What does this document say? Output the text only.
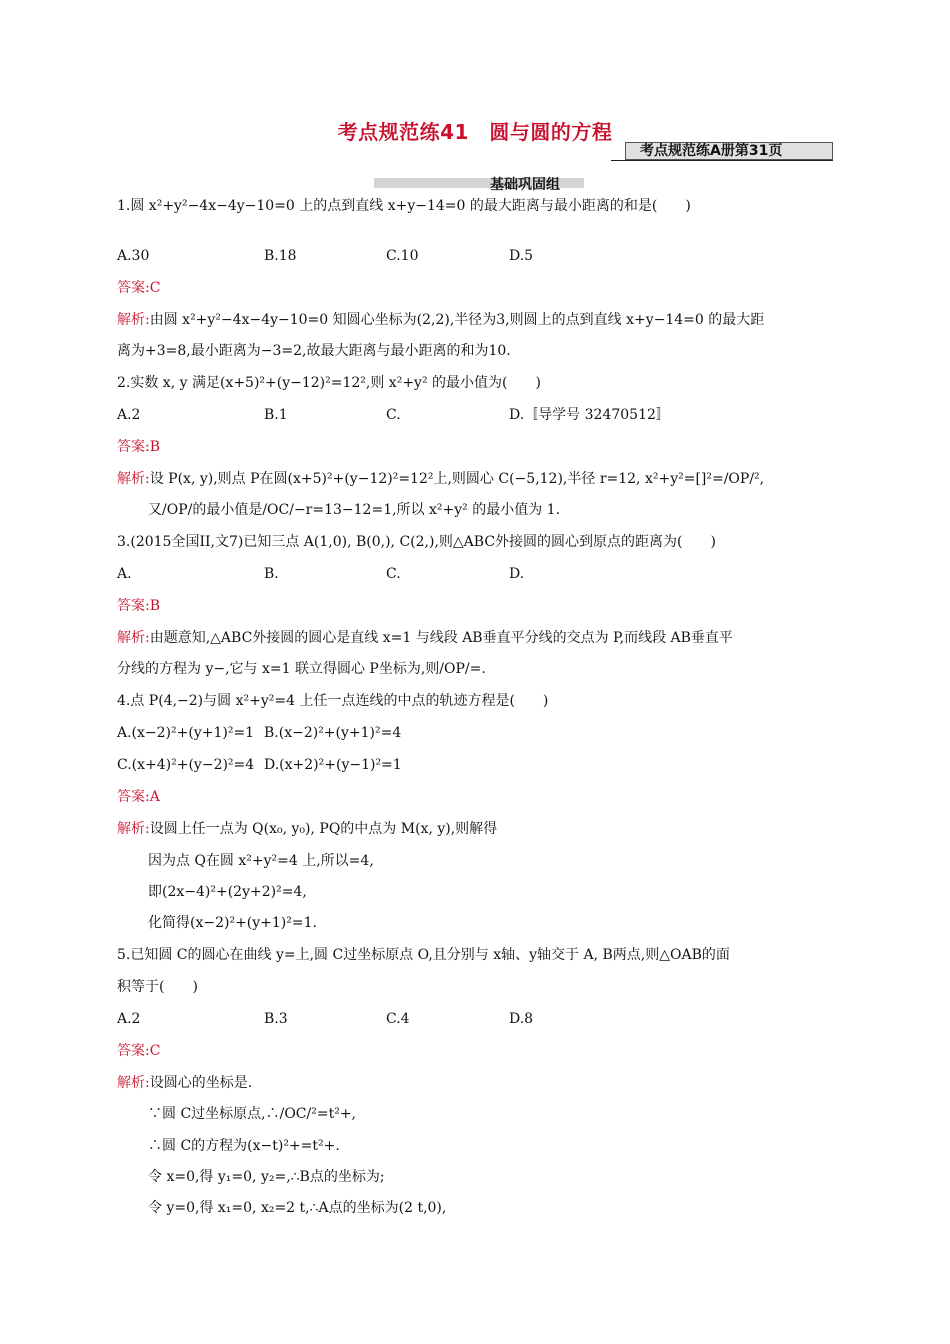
考点规范练41　圆与圆的方程
考点规范练A册第31页
基础巩固组
1.圆 x²+y²−4x−4y−10=0 上的点到直线 x+y−14=0 的最大距离与最小距离的和是(　　)
A.30	B.18	C.10	D.5
答案:C
解析:由圆 x²+y²−4x−4y−10=0 知圆心坐标为(2,2),半径为3,则圆上的点到直线 x+y−14=0 的最大距
离为+3=8,最小距离为−3=2,故最大距离与最小距离的和为10.
2.实数 x, y 满足(x+5)²+(y−12)²=12²,则 x²+y² 的最小值为(　　)
A.2	B.1	C.	D.〚导学号 32470512〛
答案:B
解析:设 P(x, y),则点 P在圆(x+5)²+(y−12)²=12²上,则圆心 C(−5,12),半径 r=12, x²+y²=[]²=/OP/²,
又/OP/的最小值是/OC/−r=13−12=1,所以 x²+y² 的最小值为 1.
3.(2015全国II,文7)已知三点 A(1,0), B(0,), C(2,),则△ABC外接圆的圆心到原点的距离为(　　)
A.	B.	C.	D.
答案:B
解析:由题意知,△ABC外接圆的圆心是直线 x=1 与线段 AB垂直平分线的交点为 P,而线段 AB垂直平
分线的方程为 y−,它与 x=1 联立得圆心 P坐标为,则/OP/=.
4.点 P(4,−2)与圆 x²+y²=4 上任一点连线的中点的轨迹方程是(　　)
A.(x−2)²+(y+1)²=1 B.(x−2)²+(y+1)²=4
C.(x+4)²+(y−2)²=4 D.(x+2)²+(y−1)²=1
答案:A
解析:设圆上任一点为 Q(x₀, y₀), PQ的中点为 M(x, y),则解得
因为点 Q在圆 x²+y²=4 上,所以=4,
即(2x−4)²+(2y+2)²=4,
化简得(x−2)²+(y+1)²=1.
5.已知圆 C的圆心在曲线 y=上,圆 C过坐标原点 O,且分别与 x轴、y轴交于 A, B两点,则△OAB的面
积等于(　　)
A.2	B.3	C.4	D.8
答案:C
解析:设圆心的坐标是.
∵圆 C过坐标原点,∴/OC/²=t²+,
∴圆 C的方程为(x−t)²+=t²+.
令 x=0,得 y₁=0, y₂=,∴B点的坐标为;
令 y=0,得 x₁=0, x₂=2 t,∴A点的坐标为(2 t,0),
